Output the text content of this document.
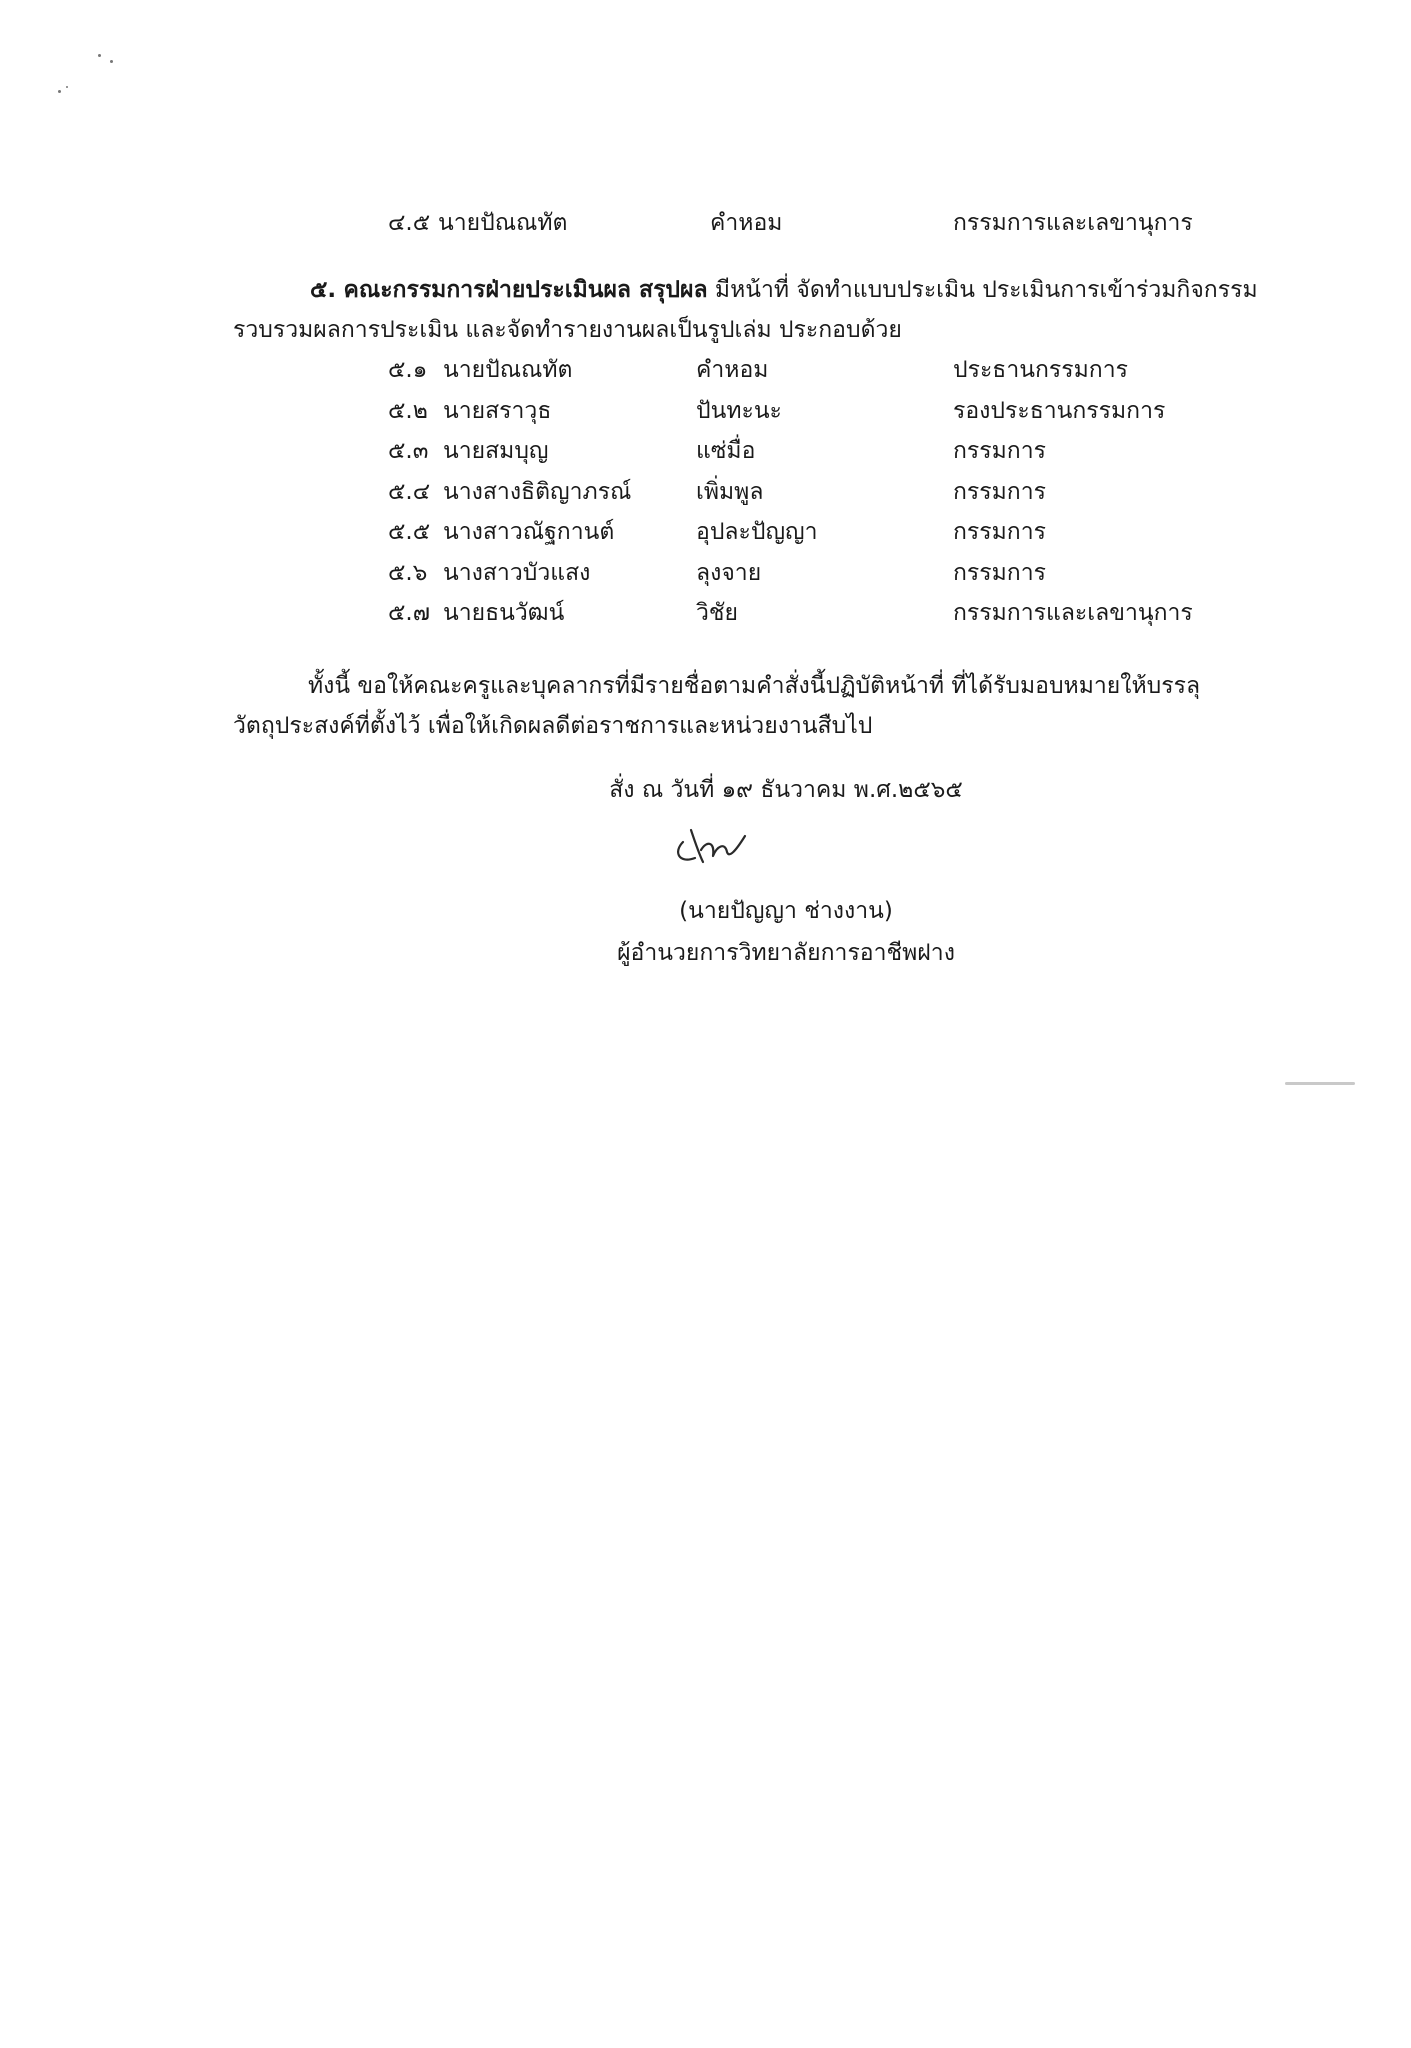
๔.๕ นายปัณณทัต	คำหอม	กรรมการและเลขานุการ
๕. คณะกรรมการฝ่ายประเมินผล สรุปผล มีหน้าที่ จัดทำแบบประเมิน ประเมินการเข้าร่วมกิจกรรม
รวบรวมผลการประเมิน และจัดทำรายงานผลเป็นรูปเล่ม ประกอบด้วย
๕.๑ นายปัณณทัต	คำหอม	ประธานกรรมการ
๕.๒ นายสราวุธ	ปันทะนะ	รองประธานกรรมการ
๕.๓ นายสมบุญ	แซ่มื่อ	กรรมการ
๕.๔ นางสางธิติญาภรณ์	เพิ่มพูล	กรรมการ
๕.๕ นางสาวณัฐกานต์	อุปละปัญญา	กรรมการ
๕.๖ นางสาวบัวแสง	ลุงจาย	กรรมการ
๕.๗ นายธนวัฒน์	วิชัย	กรรมการและเลขานุการ
ทั้งนี้ ขอให้คณะครูและบุคลากรที่มีรายชื่อตามคำสั่งนี้ปฏิบัติหน้าที่ ที่ได้รับมอบหมายให้บรรลุ
วัตถุประสงค์ที่ตั้งไว้ เพื่อให้เกิดผลดีต่อราชการและหน่วยงานสืบไป
สั่ง ณ วันที่ ๑๙ ธันวาคม พ.ศ.๒๕๖๕
(นายปัญญา ช่างงาน)
ผู้อำนวยการวิทยาลัยการอาชีพฝาง
